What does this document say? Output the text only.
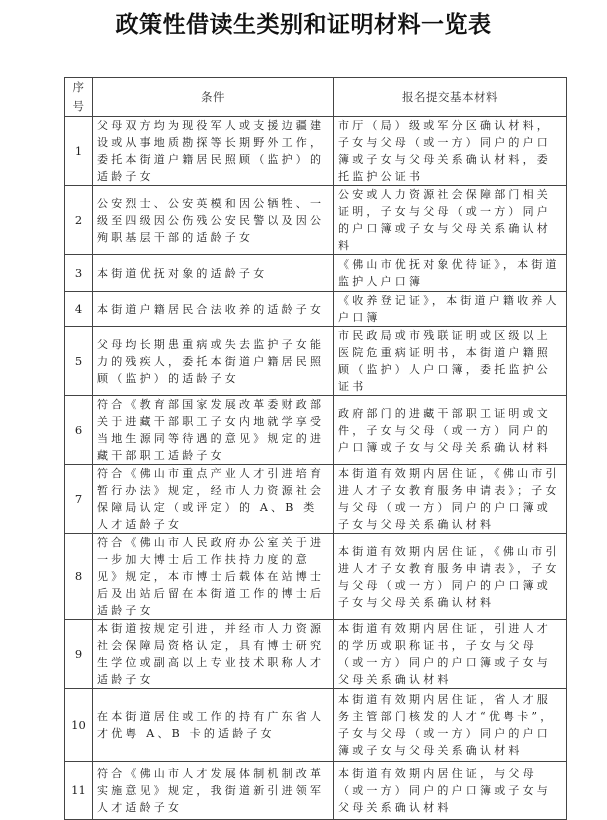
政策性借读生类别和证明材料一览表
序号	条件	报名提交基本材料
1	父母双方均为现役军人或支援边疆建设或从事地质勘探等长期野外工作，委托本街道户籍居民照顾（监护）的适龄子女	市厅（局）级或军分区确认材料，子女与父母（或一方）同户的户口簿或子女与父母关系确认材料，委托监护公证书
2	公安烈士、公安英模和因公牺牲、一级至四级因公伤残公安民警以及因公殉职基层干部的适龄子女	公安或人力资源社会保障部门相关证明，子女与父母（或一方）同户的户口簿或子女与父母关系确认材料
3	本街道优抚对象的适龄子女	《佛山市优抚对象优待证》，本街道监护人户口簿
4	本街道户籍居民合法收养的适龄子女	《收养登记证》，本街道户籍收养人户口簿
5	父母均长期患重病或失去监护子女能力的残疾人，委托本街道户籍居民照顾（监护）的适龄子女	市民政局或市残联证明或区级以上医院危重病证明书，本街道户籍照顾（监护）人户口簿，委托监护公证书
6	符合《教育部国家发展改革委财政部关于进藏干部职工子女内地就学享受当地生源同等待遇的意见》规定的进藏干部职工适龄子女	政府部门的进藏干部职工证明或文件，子女与父母（或一方）同户的户口簿或子女与父母关系确认材料
7	符合《佛山市重点产业人才引进培育暂行办法》规定，经市人力资源社会保障局认定（或评定）的 A、B 类人才适龄子女	本街道有效期内居住证，《佛山市引进人才子女教育服务申请表》；子女与父母（或一方）同户的户口簿或子女与父母关系确认材料
8	符合《佛山市人民政府办公室关于进一步加大博士后工作扶持力度的意见》规定，本市博士后载体在站博士后及出站后留在本街道工作的博士后适龄子女	本街道有效期内居住证，《佛山市引进人才子女教育服务申请表》，子女与父母（或一方）同户的户口簿或子女与父母关系确认材料
9	本街道按规定引进，并经市人力资源社会保障局资格认定，具有博士研究生学位或副高以上专业技术职称人才适龄子女	本街道有效期内居住证，引进人才的学历或职称证书，子女与父母（或一方）同户的户口簿或子女与父母关系确认材料
10	在本街道居住或工作的持有广东省人才优粤 A、B 卡的适龄子女	本街道有效期内居住证，省人才服务主管部门核发的人才“优粤卡”，子女与父母（或一方）同户的户口簿或子女与父母关系确认材料
11	符合《佛山市人才发展体制机制改革实施意见》规定，我街道新引进领军人才适龄子女	本街道有效期内居住证，与父母（或一方）同户的户口簿或子女与父母关系确认材料
